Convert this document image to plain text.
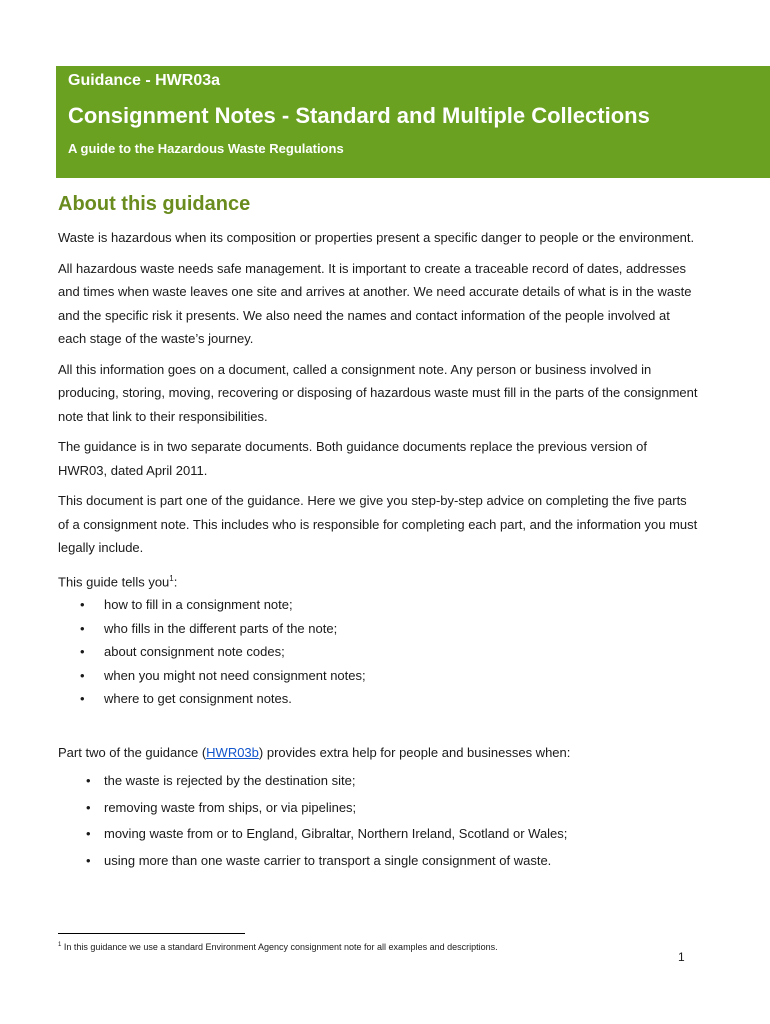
Guidance - HWR03a
Consignment Notes - Standard and Multiple Collections
A guide to the Hazardous Waste Regulations
About this guidance

Waste is hazardous when its composition or properties present a specific danger to people or the environment.

All hazardous waste needs safe management. It is important to create a traceable record of dates, addresses and times when waste leaves one site and arrives at another. We need accurate details of what is in the waste and the specific risk it presents. We also need the names and contact information of the people involved at each stage of the waste’s journey.

All this information goes on a document, called a consignment note. Any person or business involved in producing, storing, moving, recovering or disposing of hazardous waste must fill in the parts of the consignment note that link to their responsibilities.

The guidance is in two separate documents. Both guidance documents replace the previous version of HWR03, dated April 2011.

This document is part one of the guidance. Here we give you step-by-step advice on completing the five parts of a consignment note. This includes who is responsible for completing each part, and the information you must legally include.

This guide tells you$^1$:

• how to fill in a consignment note;
• who fills in the different parts of the note;
• about consignment note codes;
• when you might not need consignment notes;
• where to get consignment notes.

Part two of the guidance (HWR03b) provides extra help for people and businesses when:

• the waste is rejected by the destination site;
• removing waste from ships, or via pipelines;
• moving waste from or to England, Gibraltar, Northern Ireland, Scotland or Wales;
• using more than one waste carrier to transport a single consignment of waste.
$^1$ In this guidance we use a standard Environment Agency consignment note for all examples and descriptions.
1
